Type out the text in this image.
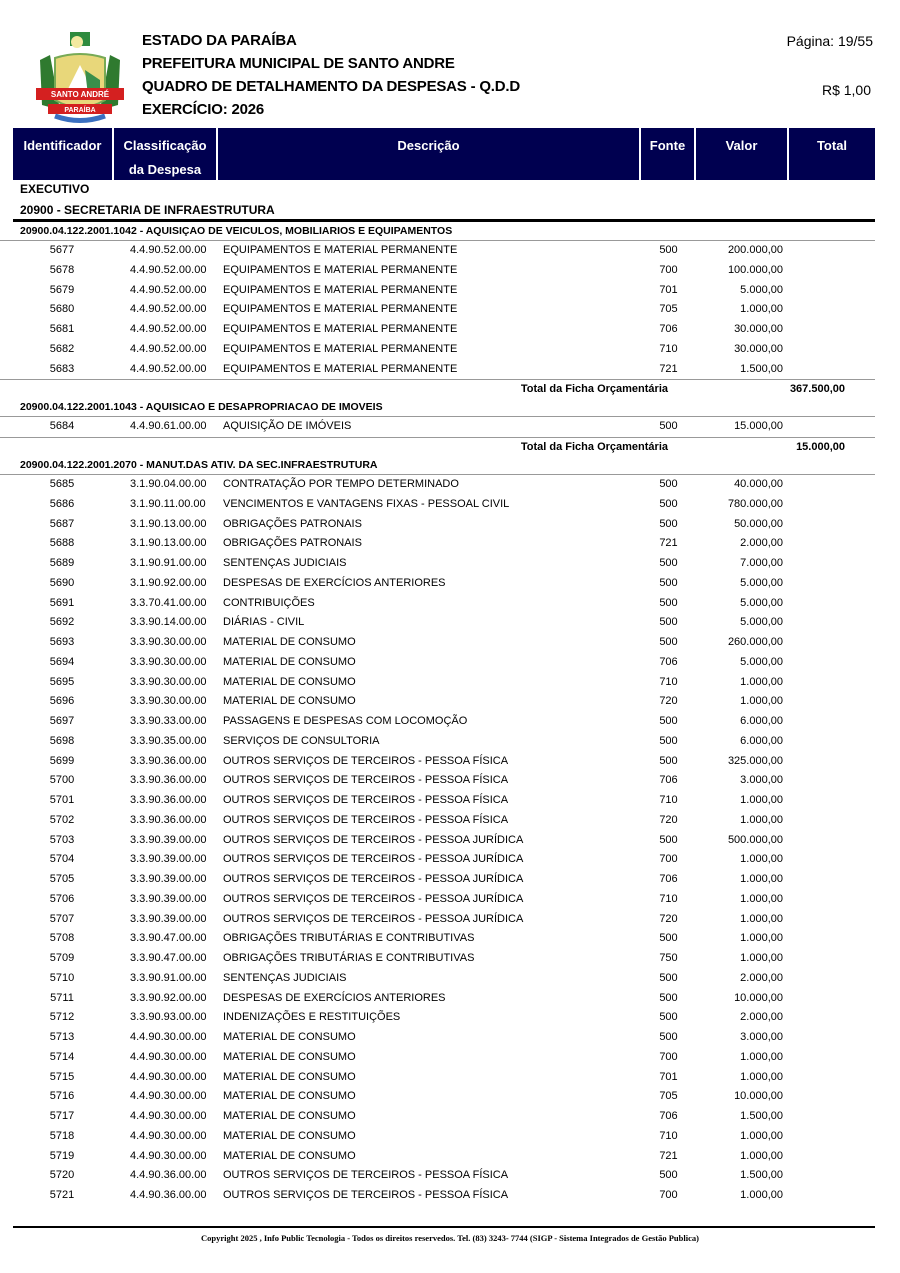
SANTO ANDRÉ
PARAÍBA
ESTADO DA PARAÍBA
PREFEITURA MUNICIPAL DE SANTO ANDRE
QUADRO DE DETALHAMENTO DA DESPESAS - Q.D.D
EXERCÍCIO: 2026
Página: 19/55
R$ 1,00
Identificador	Classificação
da Despesa
Descrição	Fonte	Valor	Total
EXECUTIVO
20900 - SECRETARIA DE INFRAESTRUTURA
20900.04.122.2001.1042 - AQUISIÇAO DE VEICULOS, MOBILIARIOS E EQUIPAMENTOS
5677	4.4.90.52.00.00 EQUIPAMENTOS E MATERIAL PERMANENTE	500	200.000,00
5678	4.4.90.52.00.00 EQUIPAMENTOS E MATERIAL PERMANENTE	700	100.000,00
5679	4.4.90.52.00.00 EQUIPAMENTOS E MATERIAL PERMANENTE	701	5.000,00
5680	4.4.90.52.00.00 EQUIPAMENTOS E MATERIAL PERMANENTE	705	1.000,00
5681	4.4.90.52.00.00 EQUIPAMENTOS E MATERIAL PERMANENTE	706	30.000,00
5682	4.4.90.52.00.00 EQUIPAMENTOS E MATERIAL PERMANENTE	710	30.000,00
5683	4.4.90.52.00.00 EQUIPAMENTOS E MATERIAL PERMANENTE	721	1.500,00
Total da Ficha Orçamentária	367.500,00
20900.04.122.2001.1043 - AQUISICAO E DESAPROPRIACAO DE IMOVEIS
5684	4.4.90.61.00.00 AQUISIÇÃO DE IMÓVEIS	500	15.000,00
Total da Ficha Orçamentária	15.000,00
20900.04.122.2001.2070 - MANUT.DAS ATIV. DA SEC.INFRAESTRUTURA
5685	3.1.90.04.00.00 CONTRATAÇÃO POR TEMPO DETERMINADO	500	40.000,00
5686	3.1.90.11.00.00 VENCIMENTOS E VANTAGENS FIXAS - PESSOAL CIVIL	500	780.000,00
5687	3.1.90.13.00.00 OBRIGAÇÕES PATRONAIS	500	50.000,00
5688	3.1.90.13.00.00 OBRIGAÇÕES PATRONAIS	721	2.000,00
5689	3.1.90.91.00.00 SENTENÇAS JUDICIAIS	500	7.000,00
5690	3.1.90.92.00.00 DESPESAS DE EXERCÍCIOS ANTERIORES	500	5.000,00
5691	3.3.70.41.00.00 CONTRIBUIÇÕES	500	5.000,00
5692	3.3.90.14.00.00 DIÁRIAS - CIVIL	500	5.000,00
5693	3.3.90.30.00.00 MATERIAL DE CONSUMO	500	260.000,00
5694	3.3.90.30.00.00 MATERIAL DE CONSUMO	706	5.000,00
5695	3.3.90.30.00.00 MATERIAL DE CONSUMO	710	1.000,00
5696	3.3.90.30.00.00 MATERIAL DE CONSUMO	720	1.000,00
5697	3.3.90.33.00.00 PASSAGENS E DESPESAS COM LOCOMOÇÃO	500	6.000,00
5698	3.3.90.35.00.00 SERVIÇOS DE CONSULTORIA	500	6.000,00
5699	3.3.90.36.00.00 OUTROS SERVIÇOS DE TERCEIROS - PESSOA FÍSICA	500	325.000,00
5700	3.3.90.36.00.00 OUTROS SERVIÇOS DE TERCEIROS - PESSOA FÍSICA	706	3.000,00
5701	3.3.90.36.00.00 OUTROS SERVIÇOS DE TERCEIROS - PESSOA FÍSICA	710	1.000,00
5702	3.3.90.36.00.00 OUTROS SERVIÇOS DE TERCEIROS - PESSOA FÍSICA	720	1.000,00
5703	3.3.90.39.00.00 OUTROS SERVIÇOS DE TERCEIROS - PESSOA JURÍDICA	500	500.000,00
5704	3.3.90.39.00.00 OUTROS SERVIÇOS DE TERCEIROS - PESSOA JURÍDICA	700	1.000,00
5705	3.3.90.39.00.00 OUTROS SERVIÇOS DE TERCEIROS - PESSOA JURÍDICA	706	1.000,00
5706	3.3.90.39.00.00 OUTROS SERVIÇOS DE TERCEIROS - PESSOA JURÍDICA	710	1.000,00
5707	3.3.90.39.00.00 OUTROS SERVIÇOS DE TERCEIROS - PESSOA JURÍDICA	720	1.000,00
5708	3.3.90.47.00.00 OBRIGAÇÕES TRIBUTÁRIAS E CONTRIBUTIVAS	500	1.000,00
5709	3.3.90.47.00.00 OBRIGAÇÕES TRIBUTÁRIAS E CONTRIBUTIVAS	750	1.000,00
5710	3.3.90.91.00.00 SENTENÇAS JUDICIAIS	500	2.000,00
5711	3.3.90.92.00.00 DESPESAS DE EXERCÍCIOS ANTERIORES	500	10.000,00
5712	3.3.90.93.00.00 INDENIZAÇÕES E RESTITUIÇÕES	500	2.000,00
5713	4.4.90.30.00.00 MATERIAL DE CONSUMO	500	3.000,00
5714	4.4.90.30.00.00 MATERIAL DE CONSUMO	700	1.000,00
5715	4.4.90.30.00.00 MATERIAL DE CONSUMO	701	1.000,00
5716	4.4.90.30.00.00 MATERIAL DE CONSUMO	705	10.000,00
5717	4.4.90.30.00.00 MATERIAL DE CONSUMO	706	1.500,00
5718	4.4.90.30.00.00 MATERIAL DE CONSUMO	710	1.000,00
5719	4.4.90.30.00.00 MATERIAL DE CONSUMO	721	1.000,00
5720	4.4.90.36.00.00 OUTROS SERVIÇOS DE TERCEIROS - PESSOA FÍSICA	500	1.500,00
5721	4.4.90.36.00.00 OUTROS SERVIÇOS DE TERCEIROS - PESSOA FÍSICA	700	1.000,00
Copyright 2025 , Info Public Tecnologia - Todos os direitos reservedos. Tel. (83) 3243- 7744 (SIGP - Sistema Integrados de Gestão Publica)
